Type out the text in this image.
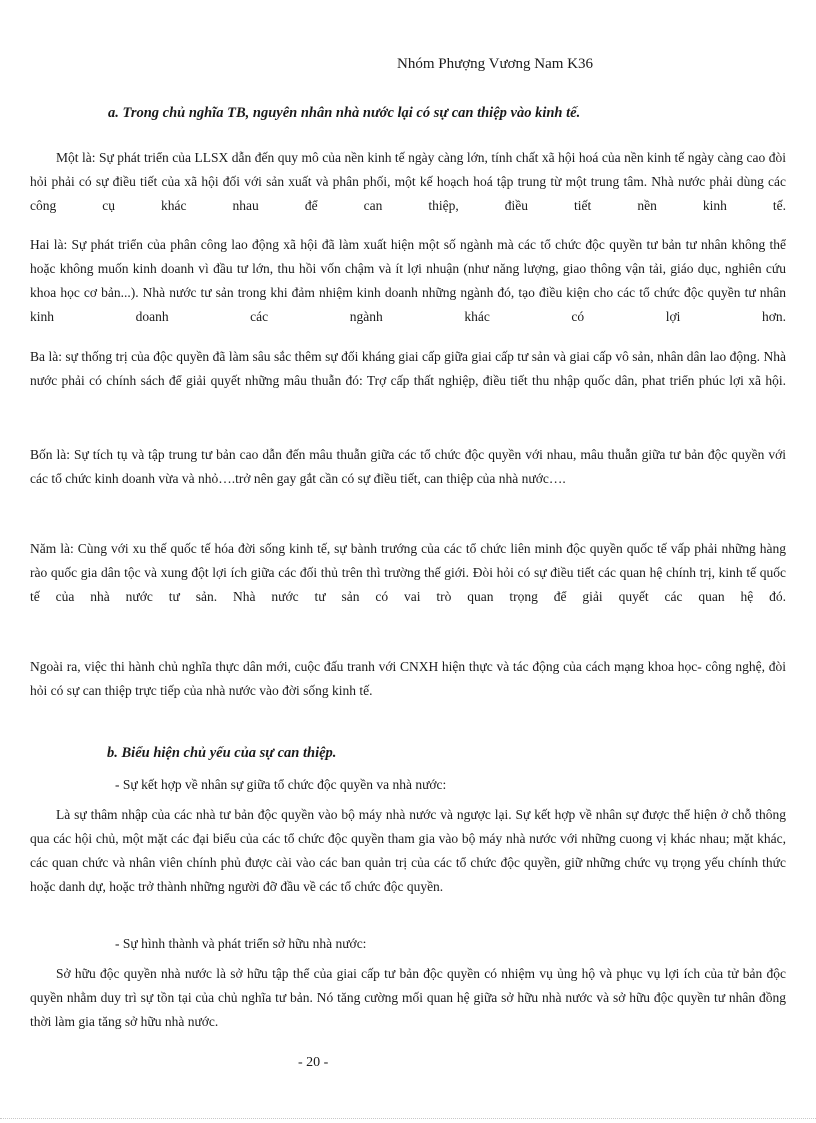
Nhóm Phượng Vương Nam K36
a. Trong chủ nghĩa TB, nguyên nhân nhà nước lại có sự can thiệp vào kinh tế.

Một là: Sự phát triển của LLSX dẫn đến quy mô của nền kinh tế ngày càng lớn, tính chất xã hội hoá của nền kinh tế ngày càng cao đòi hỏi phải có sự điều tiết của xã hội đối với sản xuất và phân phối, một kế hoạch hoá tập trung từ một trung tâm. Nhà nước phải dùng các công cụ khác nhau để can thiệp, điều tiết nền kinh tế.

Hai là: Sự phát triển của phân công lao động xã hội đã làm xuất hiện một số ngành mà các tổ chức độc quyền tư bản tư nhân không thể hoặc không muốn kinh doanh vì đầu tư lớn, thu hồi vốn chậm và ít lợi nhuận (như năng lượng, giao thông vận tải, giáo dục, nghiên cứu khoa học cơ bản...). Nhà nước tư sản trong khi đảm nhiệm kinh doanh những ngành đó, tạo điều kiện cho các tổ chức độc quyền tư nhân kinh doanh các ngành khác có lợi hơn.

Ba là: sự thống trị của độc quyền đã làm sâu sắc thêm sự đối kháng giai cấp giữa giai cấp tư sản và giai cấp vô sản, nhân dân lao động. Nhà nước phải có chính sách để giải quyết những mâu thuẫn đó: Trợ cấp thất nghiệp, điều tiết thu nhập quốc dân, phat triển phúc lợi xã hội.

Bốn là: Sự tích tụ và tập trung tư bản cao dẫn đến mâu thuẫn giữa các tổ chức độc quyền với nhau, mâu thuẫn giữa tư bản độc quyền với các tổ chức kinh doanh vừa và nhỏ….trở nên gay gắt cần có sự điều tiết, can thiệp của nhà nước….

Năm là: Cùng với xu thế quốc tế hóa đời sống kinh tế, sự bành trướng của các tổ chức liên minh độc quyền quốc tế vấp phải những hàng rào quốc gia dân tộc và xung đột lợi ích giữa các đối thủ trên thì trường thế giới. Đòi hỏi có sự điều tiết các quan hệ chính trị, kinh tế quốc tế của nhà nước tư sản. Nhà nước tư sản có vai trò quan trọng để giải quyết các quan hệ đó.

Ngoài ra, việc thi hành chủ nghĩa thực dân mới, cuộc đấu tranh với CNXH hiện thực và tác động của cách mạng khoa học- công nghệ, đòi hỏi có sự can thiệp trực tiếp của nhà nước vào đời sống kinh tế.

b. Biểu hiện chủ yếu của sự can thiệp.
- Sự kết hợp về nhân sự giữa tổ chức độc quyền va nhà nước:

Là sự thâm nhập của các nhà tư bản độc quyền vào bộ máy nhà nước và ngược lại. Sự kết hợp về nhân sự được thể hiện ở chỗ thông qua các hội chủ, một mặt các đại biểu của các tổ chức độc quyền tham gia vào bộ máy nhà nước với những cuong vị khác nhau; mặt khác, các quan chức và nhân viên chính phủ được cài vào các ban quản trị của các tổ chức độc quyền, giữ những chức vụ trọng yếu chính thức hoặc danh dự, hoặc trở thành những người đỡ đầu về các tổ chức độc quyền.

- Sự hình thành và phát triển sở hữu nhà nước:

Sở hữu độc quyền nhà nước là sở hữu tập thể của giai cấp tư bản độc quyền có nhiệm vụ ủng hộ và phục vụ lợi ích của tử bản độc quyền nhằm duy trì sự tồn tại của chủ nghĩa tư bản. Nó tăng cường mối quan hệ giữa sở hữu nhà nước và sở hữu độc quyền tư nhân đồng thời làm gia tăng sở hữu nhà nước.

- 20 -
